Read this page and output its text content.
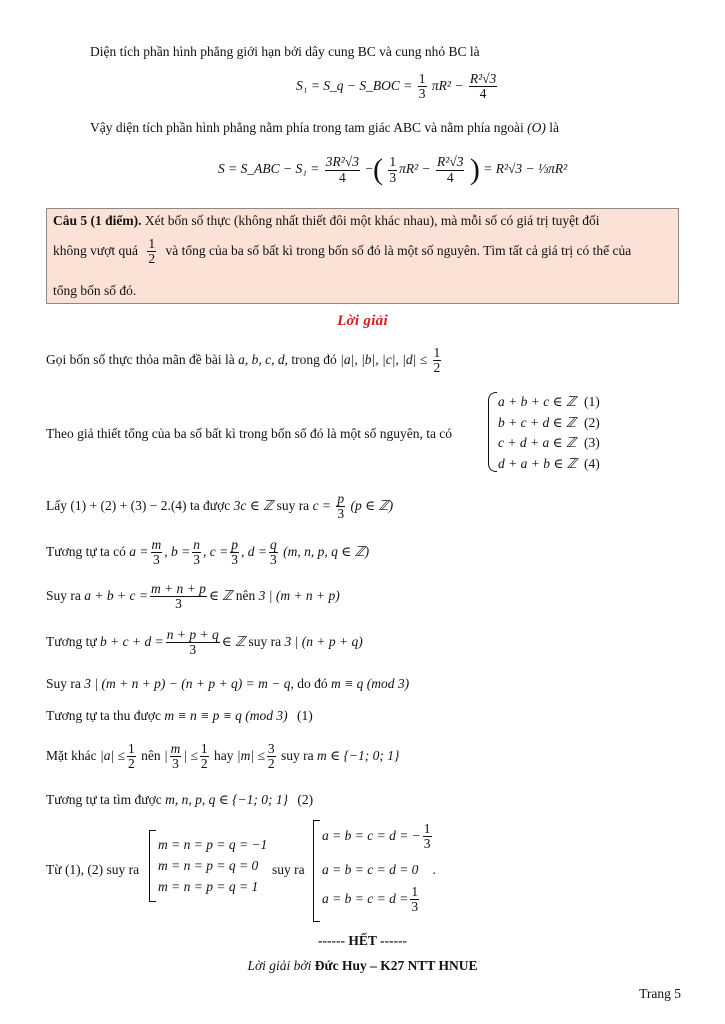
Diện tích phần hình phẳng giới hạn bởi dây cung BC và cung nhỏ BC là
S₁ = S_q − S_BOC = $\frac{1}{3} \pi R^2 - \frac{\text{R²√3}}{4}$
Vậy diện tích phần hình phẳng nằm phía trong tam giác ABC và nằm phía ngoài (O) là
S = S_ABC − $S_1 = \frac{\text{3R²√3}}{4}$ −( $\frac{1}{3} \pi R^2 - \frac{\text{R²√3}}{4}$ ) = R²√3 − ⅓πR²
Câu 5 (1 điểm). Xét bốn số thực (không nhất thiết đôi một khác nhau), mà mỗi số có giá trị tuyệt đối
không vượt quá $\frac{1}{2}$ và tổng của ba số bất kì trong bốn số đó là một số nguyên. Tìm tất cả giá trị có thể của
tổng bốn số đó.
Lời giải
Gọi bốn số thực thỏa mãn đề bài là a, b, c, d, trong đó |a|, |b|, |c|, $|d| \le \frac{1}{2}$
Theo giả thiết tổng của ba số bất kì trong bốn số đó là một số nguyên, ta có
a + b + c ∈ ℤ (1)
b + c + d ∈ ℤ (2)
c + d + a ∈ ℤ (3)
d + a + b ∈ ℤ (4)
Lấy (1) + (2) + (3) − 2.(4) ta được 3c ∈ ℤ suy ra $c = \frac{p}{3} (p$ ∈ ℤ)
Tương tự ta có $a = \frac{m}{3}$ , $b = \frac{n}{3}$ , $c = \frac{p}{3}$ , $d = \frac{q}{3} (m$, n, p, q ∈ ℤ)
Suy ra $a + b + c = \frac{m + n + p}{3}$ ∈ ℤ nên 3 | (m + n + p)
Tương tự $b + c + d = \frac{n + p + q}{3}$ ∈ ℤ suy ra 3 | (n + p + q)
Suy ra 3 | (m + n + p) − (n + p + q) = m − q, do đó m ≡ q (mod 3)
Tương tự ta thu được m ≡ n ≡ p ≡ q (mod 3) (1)
Mặt khác $|a| \le \frac{1}{2}$ nên | $\frac{m}{3}$ | ≤ $\frac{1}{2}$ hay $|m| \le \frac{3}{2}$ suy ra m ∈ {−1; 0; 1}
Tương tự ta tìm được m, n, p, q ∈ {−1; 0; 1} (2)
Từ (1), (2) suy ra
m = n = p = q = −1
m = n = p = q = 0
m = n = p = q = 1
suy ra
a = b = c = d = − $\frac{1}{3}$
a = b = c = d = 0 .
$a = b = c = d = \frac{1}{3}$
------ HẾT ------
Lời giải bởi Đức Huy – K27 NTT HNUE
Trang 5
